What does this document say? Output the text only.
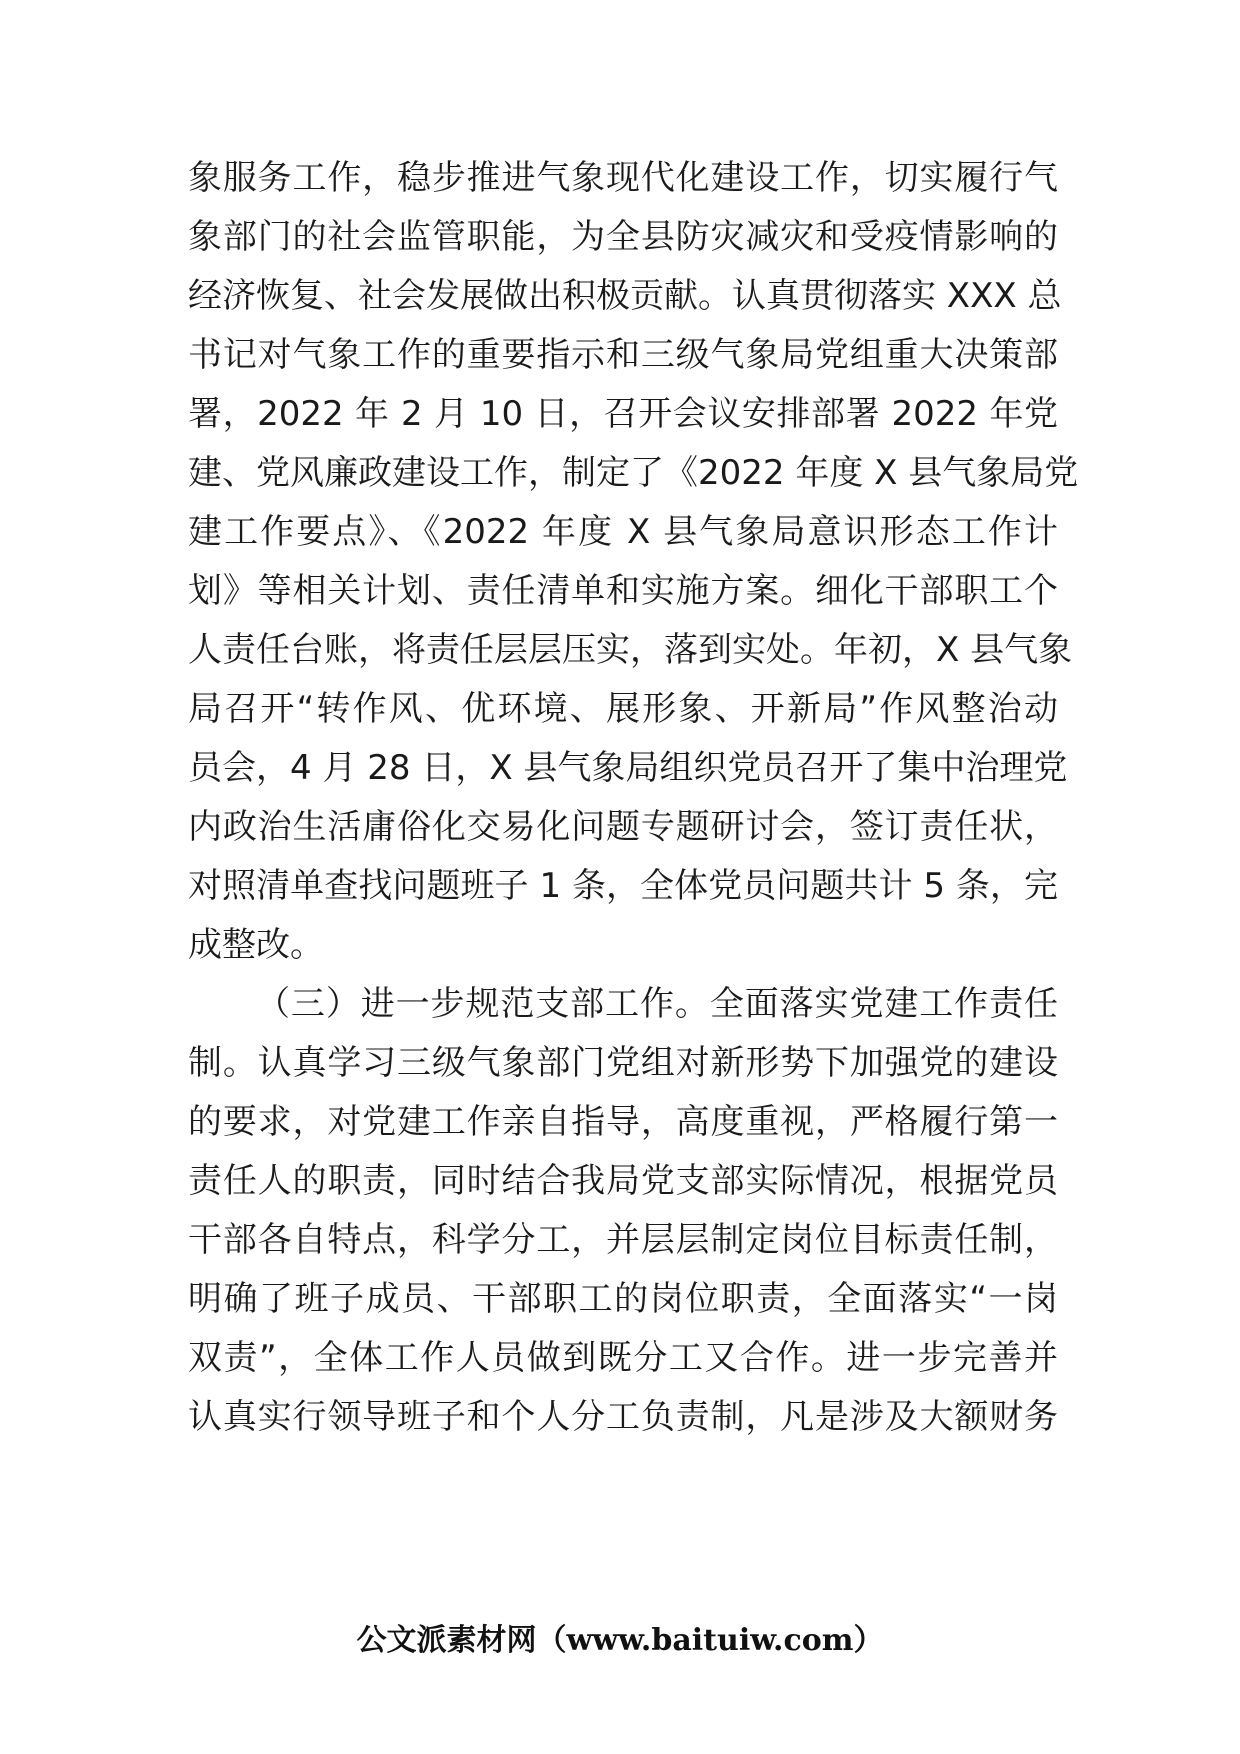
象服务工作，稳步推进气象现代化建设工作，切实履行气
象部门的社会监管职能，为全县防灾减灾和受疫情影响的
经济恢复、社会发展做出积极贡献。认真贯彻落实 XXX 总
书记对气象工作的重要指示和三级气象局党组重大决策部
署，2022 年 2 月 10 日，召开会议安排部署 2022 年党
建、党风廉政建设工作，制定了《2022 年度 X 县气象局党
建工作要点》、《2022 年度 X 县气象局意识形态工作计
划》等相关计划、责任清单和实施方案。细化干部职工个
人责任台账，将责任层层压实，落到实处。年初，X 县气象
局召开“转作风、优环境、展形象、开新局”作风整治动
员会，4 月 28 日，X 县气象局组织党员召开了集中治理党
内政治生活庸俗化交易化问题专题研讨会，签订责任状，
对照清单查找问题班子 1 条，全体党员问题共计 5 条，完
成整改。
（三）进一步规范支部工作。全面落实党建工作责任
制。认真学习三级气象部门党组对新形势下加强党的建设
的要求，对党建工作亲自指导，高度重视，严格履行第一
责任人的职责，同时结合我局党支部实际情况，根据党员
干部各自特点，科学分工，并层层制定岗位目标责任制，
明确了班子成员、干部职工的岗位职责，全面落实“一岗
双责”，全体工作人员做到既分工又合作。进一步完善并
认真实行领导班子和个人分工负责制，凡是涉及大额财务
公文派素材网（www.baituiw.com）
